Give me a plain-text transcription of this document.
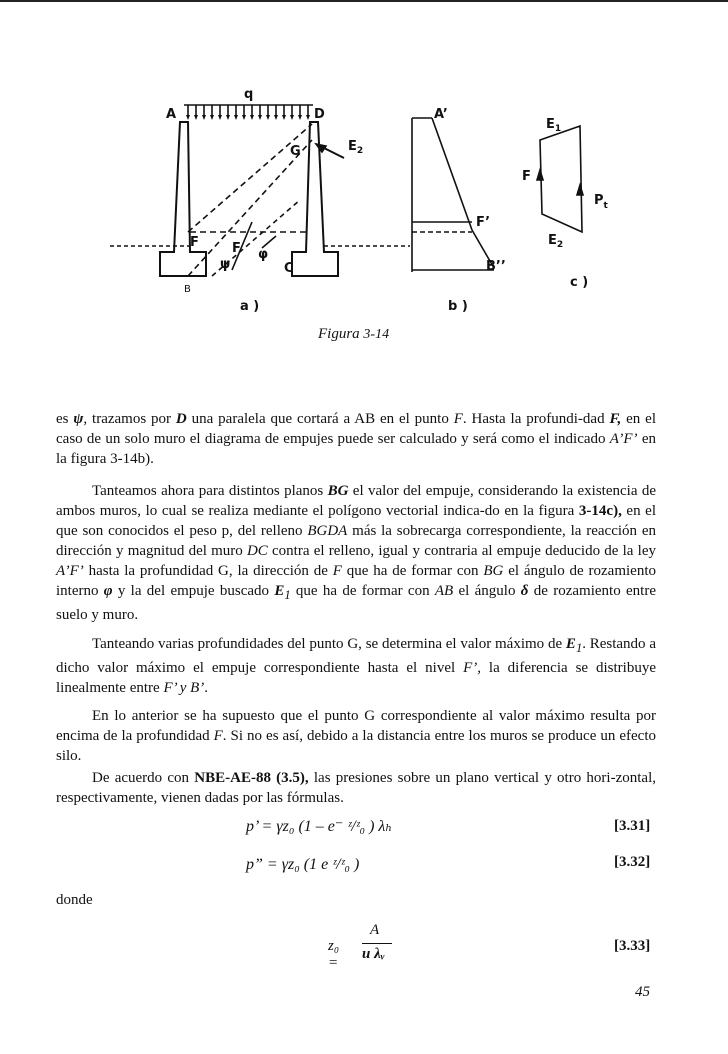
q
A	D
G	$E_2$
F	F
ψ
φ
C
B
a )
A’
F’
B’’
b )
$E_1$
F
$P_t$
$E_2$
c )
Figura 3-14

es ψ, trazamos por D una paralela que cortará a AB en el punto F. Hasta la profundi-dad F, en el caso de un solo muro el diagrama de empujes puede ser calculado y será como el indicado A’F’ en la figura 3-14b).

Tanteamos ahora para distintos planos BG el valor del empuje, considerando la existencia de ambos muros, lo cual se realiza mediante el polígono vectorial indica-do en la figura 3-14c), en el que son conocidos el peso p, del relleno BGDA más la sobrecarga correspondiente, la reacción en dirección y magnitud del muro DC contra el relleno, igual y contraria al empuje deducido de la ley A’F’ hasta la profundidad G, la dirección de F que ha de formar con BG el ángulo de rozamiento interno φ y la del empuje buscado $E_1$ que ha de formar con AB el ángulo δ de rozamiento entre suelo y muro.

Tanteando varias profundidades del punto G, se determina el valor máximo de $E_1$. Restando a dicho valor máximo el empuje correspondiente hasta el nivel F’, la diferencia se distribuye linealmente entre F’ y B’.

En lo anterior se ha supuesto que el punto G correspondiente al valor máximo resulta por encima de la profundidad F. Si no es así, debido a la distancia entre los muros se produce un efecto silo.

De acuerdo con NBE-AE-88 (3.5), las presiones sobre un plano vertical y otro hori-zontal, respectivamente, vienen dadas por las fórmulas.

p’ = γz₀ (1 – e⁻ ᶻ/ᶻ₀ ) λₕ	[3.31]
p” = γz₀ (1 e ᶻ/ᶻ₀ )	[3.32]
donde
z₀ =
A
u λᵥ	[3.33]
45
